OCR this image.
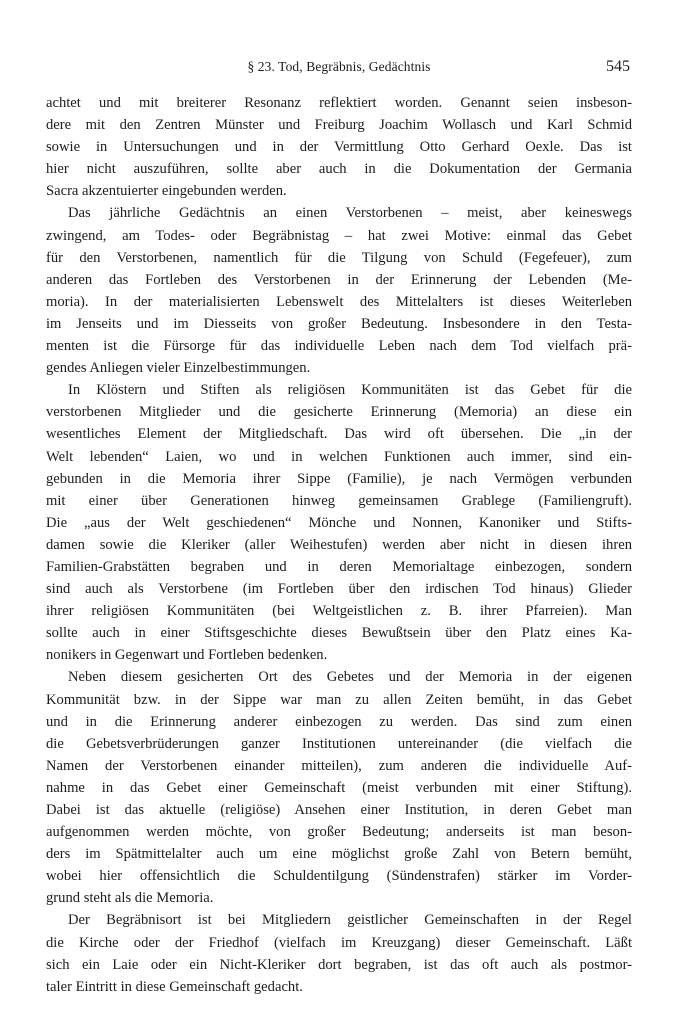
§ 23. Tod, Begräbnis, Gedächtnis	545
achtet und mit breiterer Resonanz reflektiert worden. Genannt seien insbeson-
dere mit den Zentren Münster und Freiburg Joachim Wollasch und Karl Schmid
sowie in Untersuchungen und in der Vermittlung Otto Gerhard Oexle. Das ist
hier nicht auszuführen, sollte aber auch in die Dokumentation der Germania
Sacra akzentuierter eingebunden werden.
Das jährliche Gedächtnis an einen Verstorbenen – meist, aber keineswegs
zwingend, am Todes- oder Begräbnistag – hat zwei Motive: einmal das Gebet
für den Verstorbenen, namentlich für die Tilgung von Schuld (Fegefeuer), zum
anderen das Fortleben des Verstorbenen in der Erinnerung der Lebenden (Me-
moria). In der materialisierten Lebenswelt des Mittelalters ist dieses Weiterleben
im Jenseits und im Diesseits von großer Bedeutung. Insbesondere in den Testa-
menten ist die Fürsorge für das individuelle Leben nach dem Tod vielfach prä-
gendes Anliegen vieler Einzelbestimmungen.
In Klöstern und Stiften als religiösen Kommunitäten ist das Gebet für die
verstorbenen Mitglieder und die gesicherte Erinnerung (Memoria) an diese ein
wesentliches Element der Mitgliedschaft. Das wird oft übersehen. Die „in der
Welt lebenden“ Laien, wo und in welchen Funktionen auch immer, sind ein-
gebunden in die Memoria ihrer Sippe (Familie), je nach Vermögen verbunden
mit einer über Generationen hinweg gemeinsamen Grablege (Familiengruft).
Die „aus der Welt geschiedenen“ Mönche und Nonnen, Kanoniker und Stifts-
damen sowie die Kleriker (aller Weihestufen) werden aber nicht in diesen ihren
Familien-Grabstätten begraben und in deren Memorialtage einbezogen, sondern
sind auch als Verstorbene (im Fortleben über den irdischen Tod hinaus) Glieder
ihrer religiösen Kommunitäten (bei Weltgeistlichen z. B. ihrer Pfarreien). Man
sollte auch in einer Stiftsgeschichte dieses Bewußtsein über den Platz eines Ka-
nonikers in Gegenwart und Fortleben bedenken.
Neben diesem gesicherten Ort des Gebetes und der Memoria in der eigenen
Kommunität bzw. in der Sippe war man zu allen Zeiten bemüht, in das Gebet
und in die Erinnerung anderer einbezogen zu werden. Das sind zum einen
die Gebetsverbrüderungen ganzer Institutionen untereinander (die vielfach die
Namen der Verstorbenen einander mitteilen), zum anderen die individuelle Auf-
nahme in das Gebet einer Gemeinschaft (meist verbunden mit einer Stiftung).
Dabei ist das aktuelle (religiöse) Ansehen einer Institution, in deren Gebet man
aufgenommen werden möchte, von großer Bedeutung; anderseits ist man beson-
ders im Spätmittelalter auch um eine möglichst große Zahl von Betern bemüht,
wobei hier offensichtlich die Schuldentilgung (Sündenstrafen) stärker im Vorder-
grund steht als die Memoria.
Der Begräbnisort ist bei Mitgliedern geistlicher Gemeinschaften in der Regel
die Kirche oder der Friedhof (vielfach im Kreuzgang) dieser Gemeinschaft. Läßt
sich ein Laie oder ein Nicht-Kleriker dort begraben, ist das oft auch als postmor-
taler Eintritt in diese Gemeinschaft gedacht.
